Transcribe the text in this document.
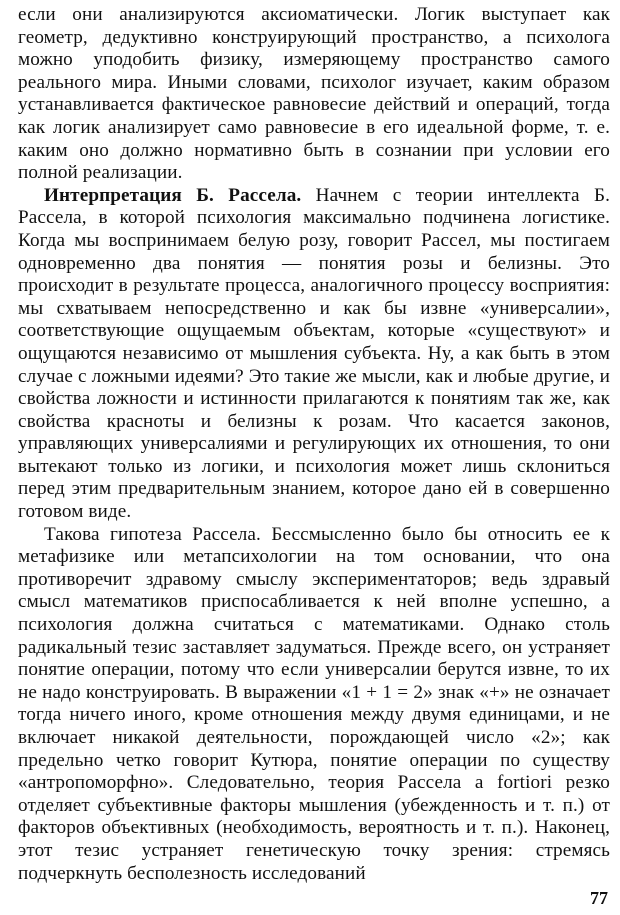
если они анализируются аксиоматически. Логик выступает как геометр, дедуктивно конструирующий пространство, а психолога можно уподобить физику, измеряющему пространство самого реального мира. Иными словами, психолог изучает, каким образом устанавливается фактическое равновесие действий и операций, тогда как логик анализирует само равновесие в его идеальной форме, т. е. каким оно должно нормативно быть в сознании при условии его полной реализации.

Интерпретация Б. Рассела. Начнем с теории интеллекта Б. Рассела, в которой психология максимально подчинена логистике. Когда мы воспринимаем белую розу, говорит Рассел, мы постигаем одновременно два понятия — понятия розы и белизны. Это происходит в результате процесса, аналогичного процессу восприятия: мы схватываем непосредственно и как бы извне «универсалии», соответствующие ощущаемым объектам, которые «существуют» и ощущаются независимо от мышления субъекта. Ну, а как быть в этом случае с ложными идеями? Это такие же мысли, как и любые другие, и свойства ложности и истинности прилагаются к понятиям так же, как свойства красноты и белизны к розам. Что касается законов, управляющих универсалиями и регулирующих их отношения, то они вытекают только из логики, и психология может лишь склониться перед этим предварительным знанием, которое дано ей в совершенно готовом виде.

Такова гипотеза Рассела. Бессмысленно было бы относить ее к метафизике или метапсихологии на том основании, что она противоречит здравому смыслу экспериментаторов; ведь здравый смысл математиков приспосабливается к ней вполне успешно, а психология должна считаться с математиками. Однако столь радикальный тезис заставляет задуматься. Прежде всего, он устраняет понятие операции, потому что если универсалии берутся извне, то их не надо конструировать. В выражении «1 + 1 = 2» знак «+» не означает тогда ничего иного, кроме отношения между двумя единицами, и не включает никакой деятельности, порождающей число «2»; как предельно четко говорит Кутюра, понятие операции по существу «антропоморфно». Следовательно, теория Рассела a fortiori резко отделяет субъективные факторы мышления (убежденность и т. п.) от факторов объективных (необходимость, вероятность и т. п.). Наконец, этот тезис устраняет генетическую точку зрения: стремясь подчеркнуть бесполезность исследований

77
